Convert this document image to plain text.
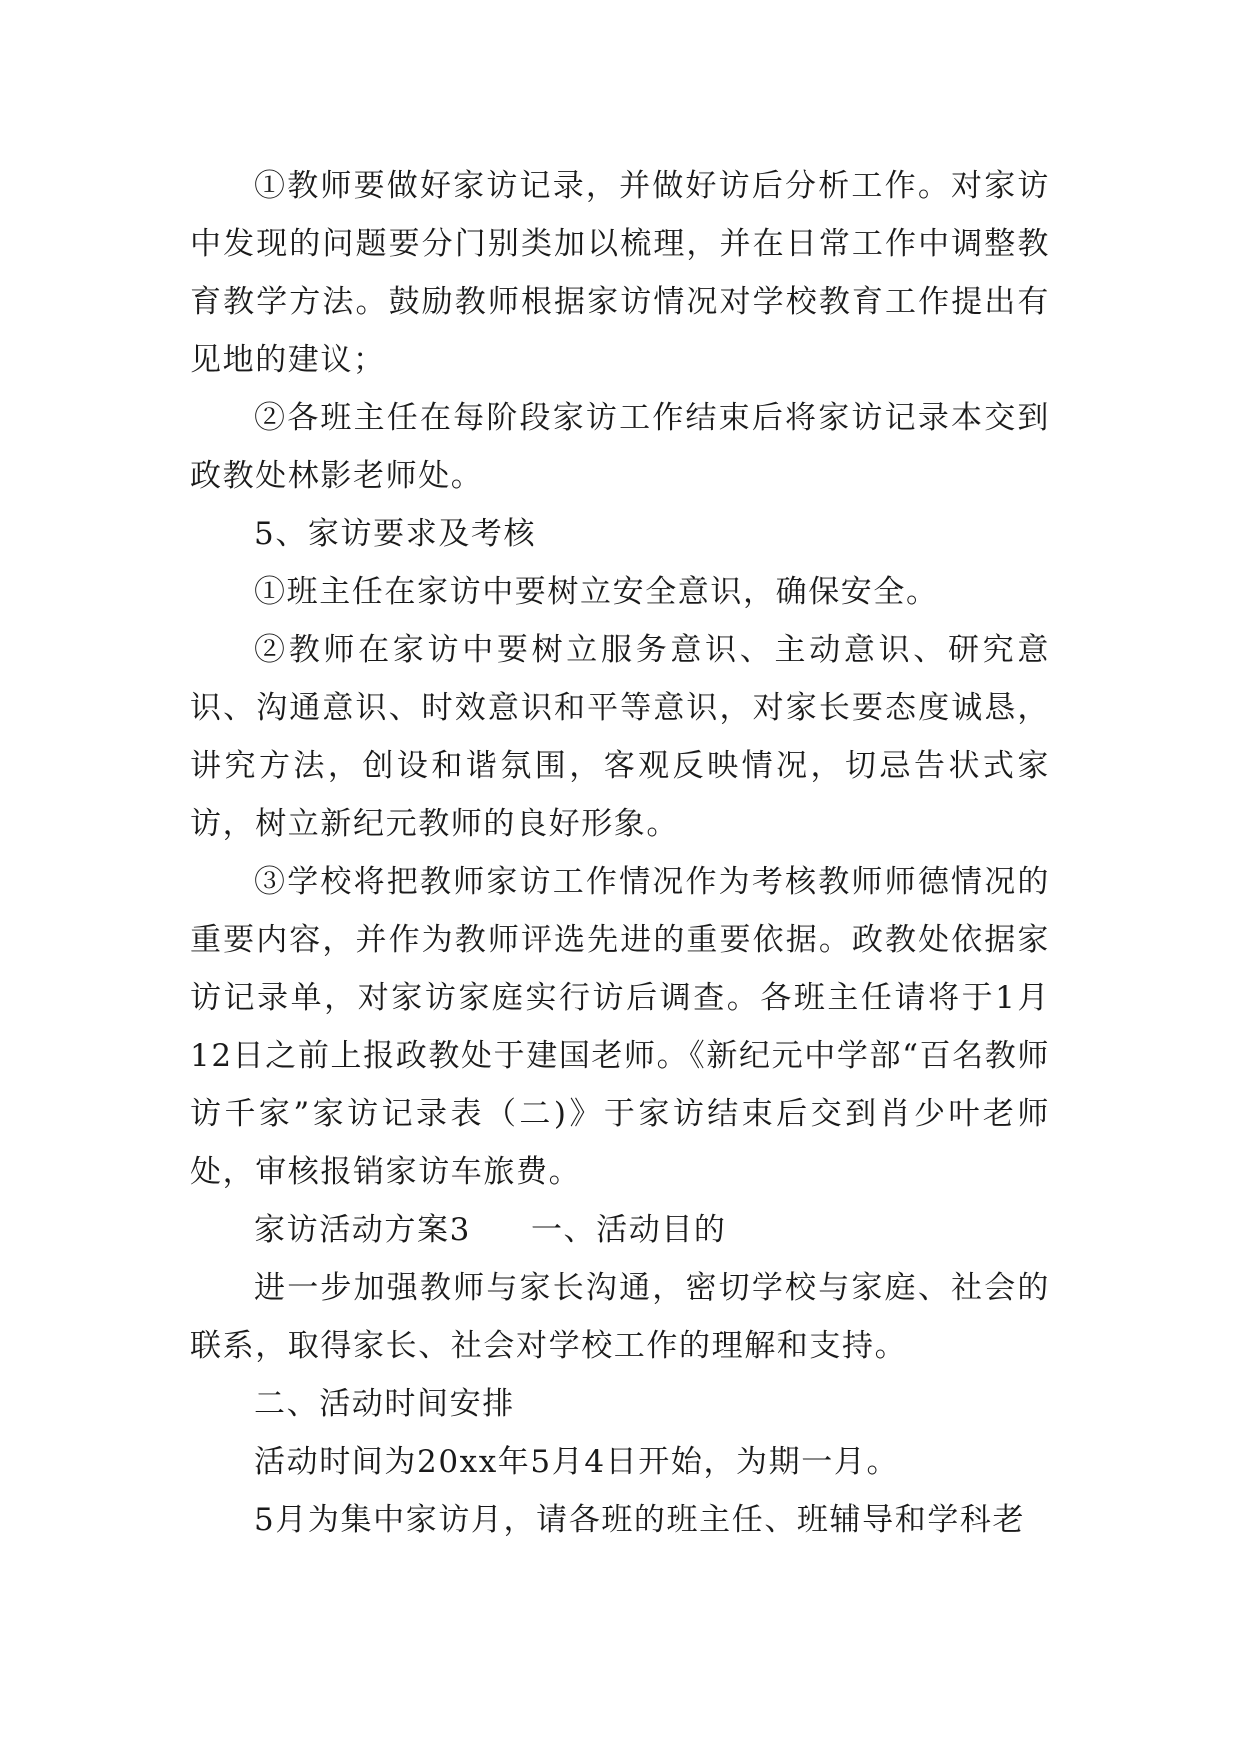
①教师要做好家访记录，并做好访后分析工作。对家访中发现的问题要分门别类加以梳理，并在日常工作中调整教育教学方法。鼓励教师根据家访情况对学校教育工作提出有见地的建议；

②各班主任在每阶段家访工作结束后将家访记录本交到政教处林影老师处。

5、家访要求及考核

①班主任在家访中要树立安全意识，确保安全。

②教师在家访中要树立服务意识、主动意识、研究意识、沟通意识、时效意识和平等意识，对家长要态度诚恳，讲究方法，创设和谐氛围，客观反映情况，切忌告状式家访，树立新纪元教师的良好形象。

③学校将把教师家访工作情况作为考核教师师德情况的重要内容，并作为教师评选先进的重要依据。政教处依据家访记录单，对家访家庭实行访后调查。各班主任请将于1月12日之前上报政教处于建国老师。《新纪元中学部“百名教师访千家”家访记录表（二)》于家访结束后交到肖少叶老师处，审核报销家访车旅费。

家访活动方案3 一、活动目的

进一步加强教师与家长沟通，密切学校与家庭、社会的联系，取得家长、社会对学校工作的理解和支持。

二、活动时间安排

活动时间为20xx年5月4日开始，为期一月。

5月为集中家访月，请各班的班主任、班辅导和学科老
